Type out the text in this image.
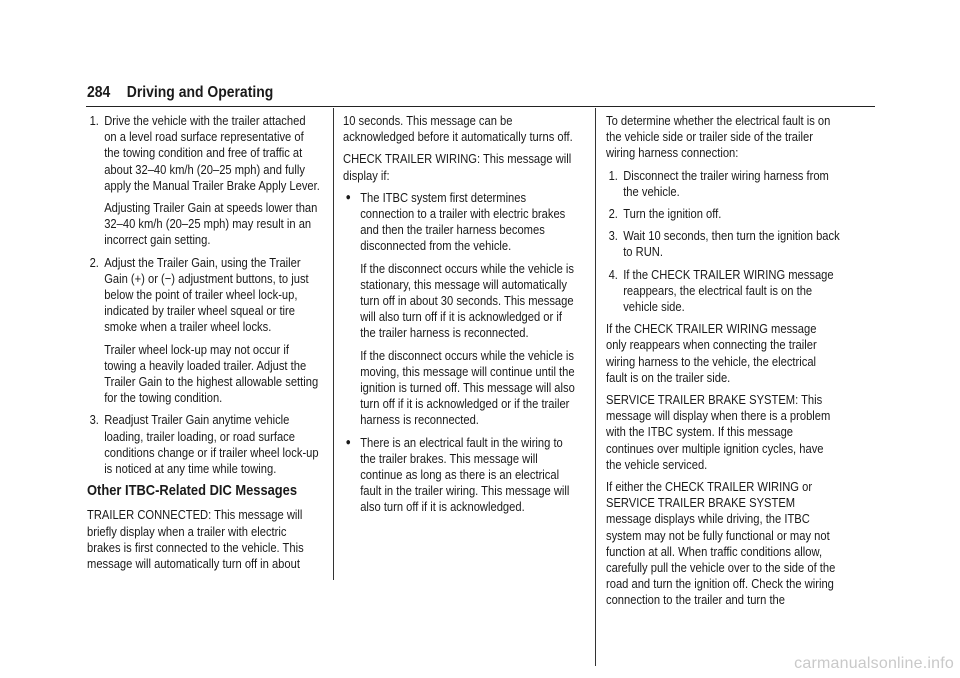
284 Driving and Operating
1. Drive the vehicle with the trailer attached on a level road surface representative of the towing condition and free of traffic at about 32–40 km/h (20–25 mph) and fully apply the Manual Trailer Brake Apply Lever.

Adjusting Trailer Gain at speeds lower than 32–40 km/h (20–25 mph) may result in an incorrect gain setting.

2. Adjust the Trailer Gain, using the Trailer Gain (+) or (−) adjustment buttons, to just below the point of trailer wheel lock-up, indicated by trailer wheel squeal or tire smoke when a trailer wheel locks.

Trailer wheel lock-up may not occur if towing a heavily loaded trailer. Adjust the Trailer Gain to the highest allowable setting for the towing condition.

3. Readjust Trailer Gain anytime vehicle loading, trailer loading, or road surface conditions change or if trailer wheel lock-up is noticed at any time while towing.
Other ITBC-Related DIC Messages

TRAILER CONNECTED: This message will briefly display when a trailer with electric brakes is first connected to the vehicle. This message will automatically turn off in about

10 seconds. This message can be acknowledged before it automatically turns off.

CHECK TRAILER WIRING: This message will display if:

● The ITBC system first determines connection to a trailer with electric brakes and then the trailer harness becomes disconnected from the vehicle.

If the disconnect occurs while the vehicle is stationary, this message will automatically turn off in about 30 seconds. This message will also turn off if it is acknowledged or if the trailer harness is reconnected.

If the disconnect occurs while the vehicle is moving, this message will continue until the ignition is turned off. This message will also turn off if it is acknowledged or if the trailer harness is reconnected.

● There is an electrical fault in the wiring to the trailer brakes. This message will continue as long as there is an electrical fault in the trailer wiring. This message will also turn off if it is acknowledged.

To determine whether the electrical fault is on the vehicle side or trailer side of the trailer wiring harness connection:

1. Disconnect the trailer wiring harness from the vehicle.
2. Turn the ignition off.
3. Wait 10 seconds, then turn the ignition back to RUN.
4. If the CHECK TRAILER WIRING message reappears, the electrical fault is on the vehicle side.

If the CHECK TRAILER WIRING message only reappears when connecting the trailer wiring harness to the vehicle, the electrical fault is on the trailer side.

SERVICE TRAILER BRAKE SYSTEM: This message will display when there is a problem with the ITBC system. If this message continues over multiple ignition cycles, have the vehicle serviced.

If either the CHECK TRAILER WIRING or SERVICE TRAILER BRAKE SYSTEM message displays while driving, the ITBC system may not be fully functional or may not function at all. When traffic conditions allow, carefully pull the vehicle over to the side of the road and turn the ignition off. Check the wiring connection to the trailer and turn the

carmanualsonline.info
